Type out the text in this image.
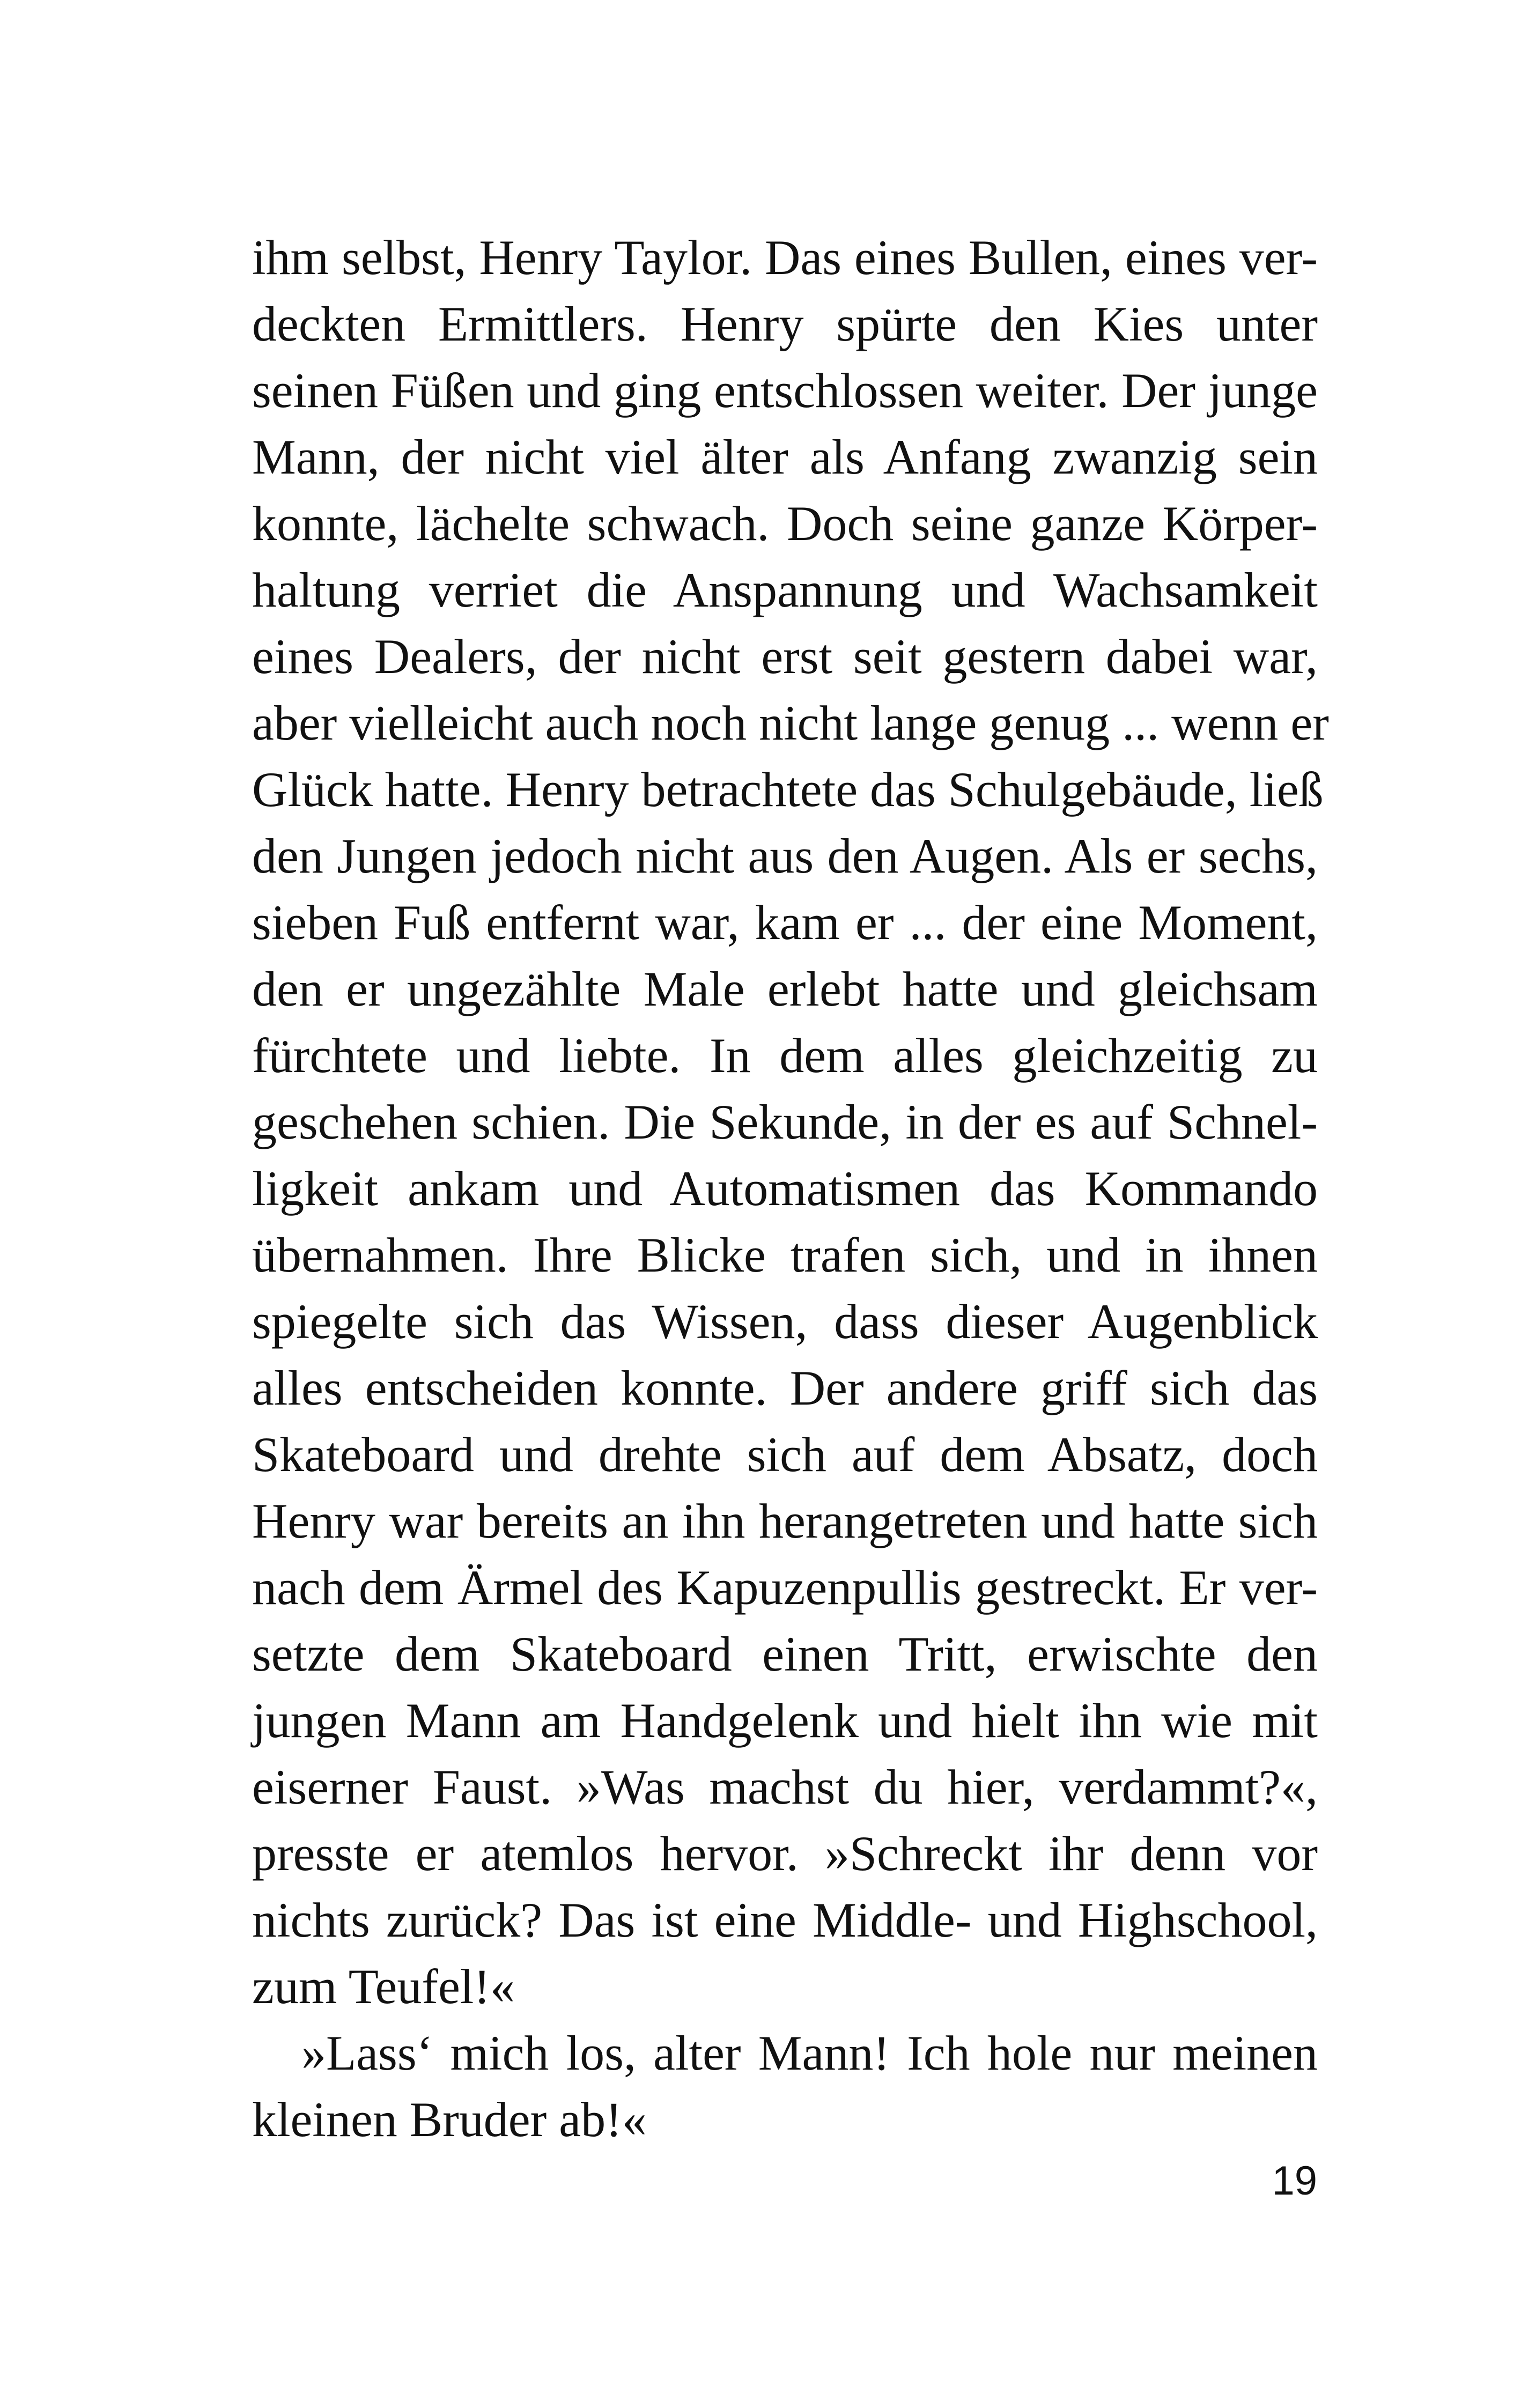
ihm selbst, Henry Taylor. Das eines Bullen, eines ver-
deckten Ermittlers. Henry spürte den Kies unter
seinen Füßen und ging entschlossen weiter. Der junge
Mann, der nicht viel älter als Anfang zwanzig sein
konnte, lächelte schwach. Doch seine ganze Körper-
haltung verriet die Anspannung und Wachsamkeit
eines Dealers, der nicht erst seit gestern dabei war,
aber vielleicht auch noch nicht lange genug ... wenn er
Glück hatte. Henry betrachtete das Schulgebäude, ließ
den Jungen jedoch nicht aus den Augen. Als er sechs,
sieben Fuß entfernt war, kam er ... der eine Moment,
den er ungezählte Male erlebt hatte und gleichsam
fürchtete und liebte. In dem alles gleichzeitig zu
geschehen schien. Die Sekunde, in der es auf Schnel-
ligkeit ankam und Automatismen das Kommando
übernahmen. Ihre Blicke trafen sich, und in ihnen
spiegelte sich das Wissen, dass dieser Augenblick
alles entscheiden konnte. Der andere griff sich das
Skateboard und drehte sich auf dem Absatz, doch
Henry war bereits an ihn herangetreten und hatte sich
nach dem Ärmel des Kapuzenpullis gestreckt. Er ver-
setzte dem Skateboard einen Tritt, erwischte den
jungen Mann am Handgelenk und hielt ihn wie mit
eiserner Faust. »Was machst du hier, verdammt?«,
presste er atemlos hervor. »Schreckt ihr denn vor
nichts zurück? Das ist eine Middle- und Highschool,
zum Teufel!«
»Lass‘ mich los, alter Mann! Ich hole nur meinen
kleinen Bruder ab!«
19
